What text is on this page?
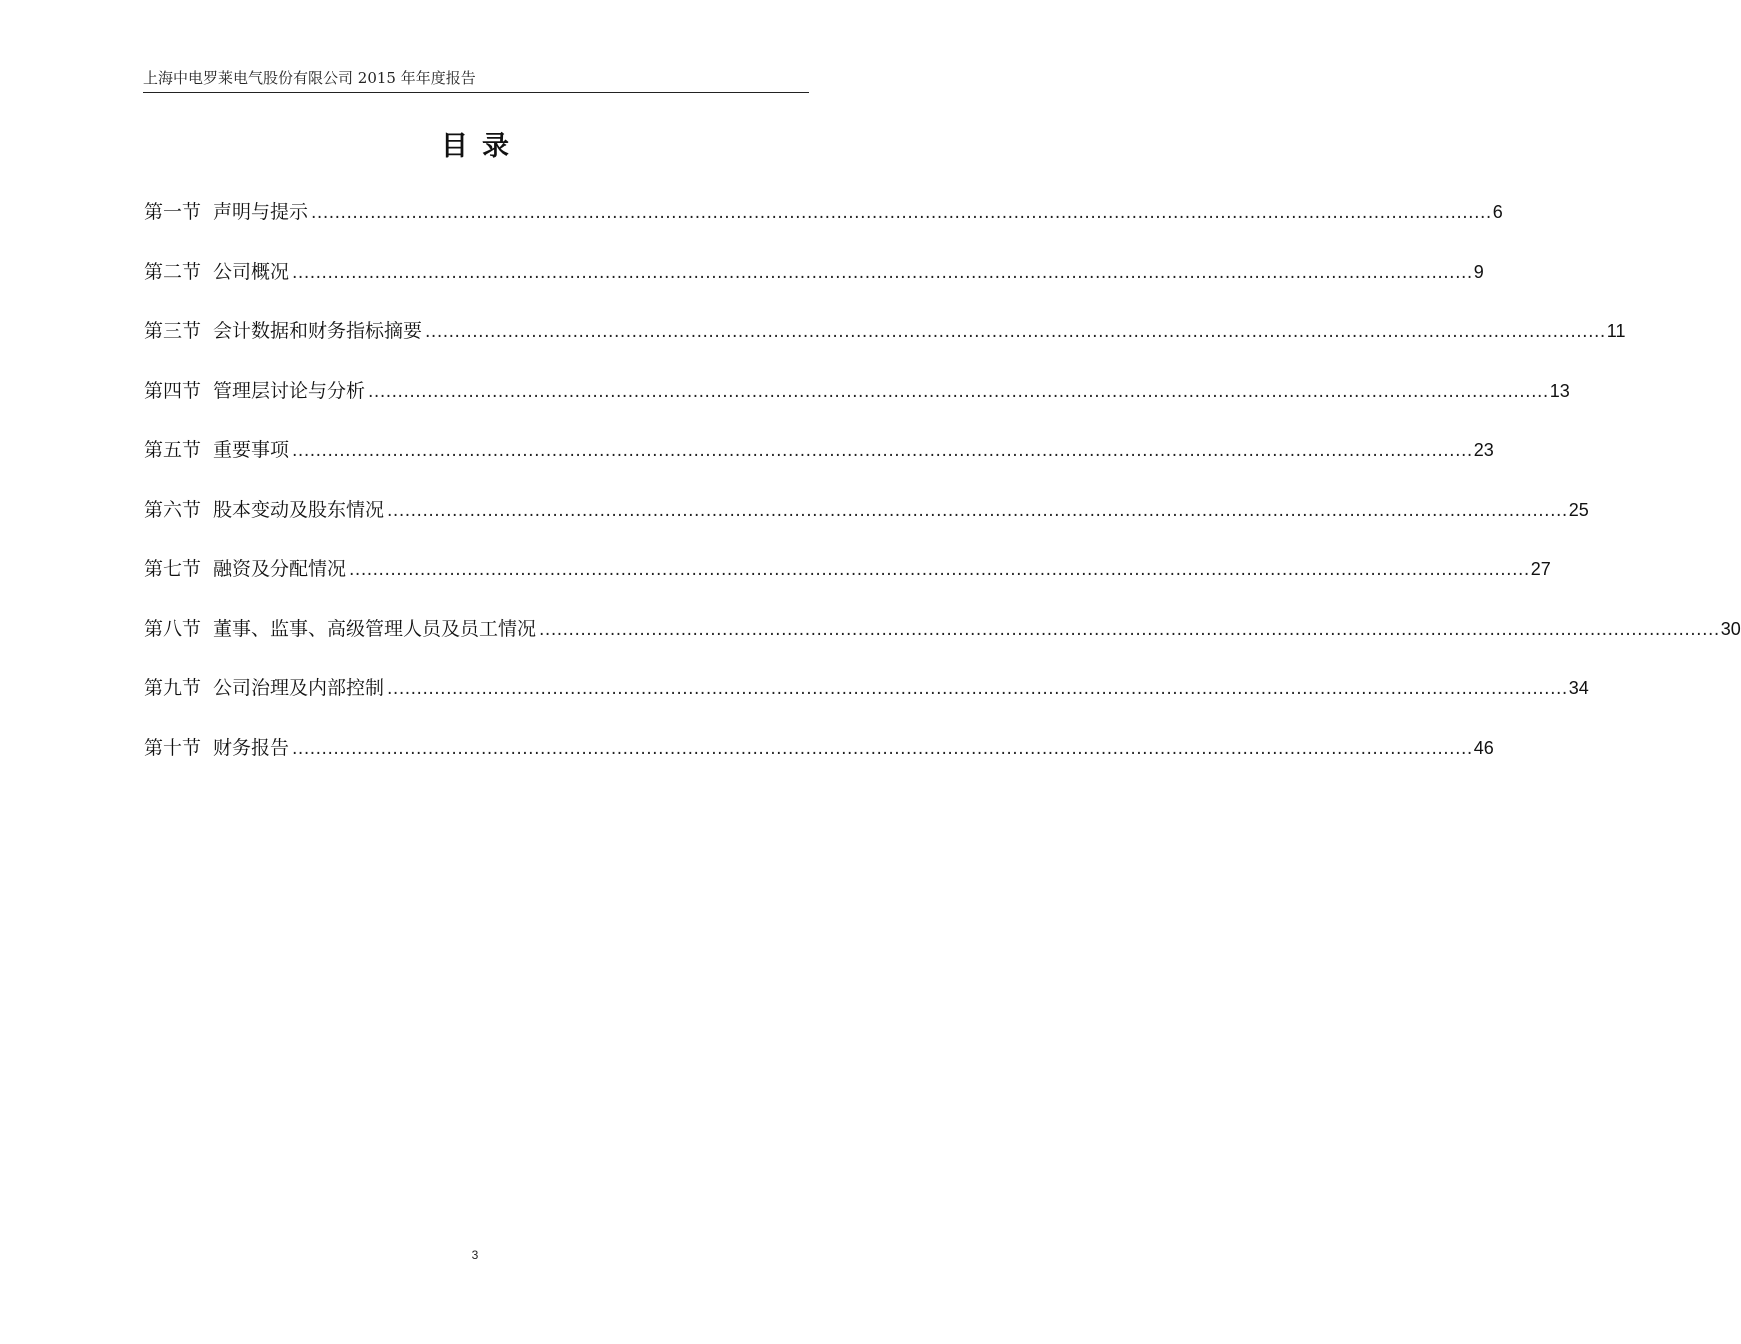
上海中电罗莱电气股份有限公司 2015 年年度报告
目录
第一节 声明与提示 ........................................................................................................................................................................................................ 6
第二节 公司概况 ........................................................................................................................................................................................................ 9
第三节 会计数据和财务指标摘要 ........................................................................................................................................................................................................ 11
第四节 管理层讨论与分析 ........................................................................................................................................................................................................ 13
第五节 重要事项 ........................................................................................................................................................................................................ 23
第六节 股本变动及股东情况 ........................................................................................................................................................................................................ 25
第七节 融资及分配情况 ........................................................................................................................................................................................................ 27
第八节 董事、监事、高级管理人员及员工情况 ........................................................................................................................................................................................................ 30
第九节 公司治理及内部控制 ........................................................................................................................................................................................................ 34
第十节 财务报告 ........................................................................................................................................................................................................ 46
3
